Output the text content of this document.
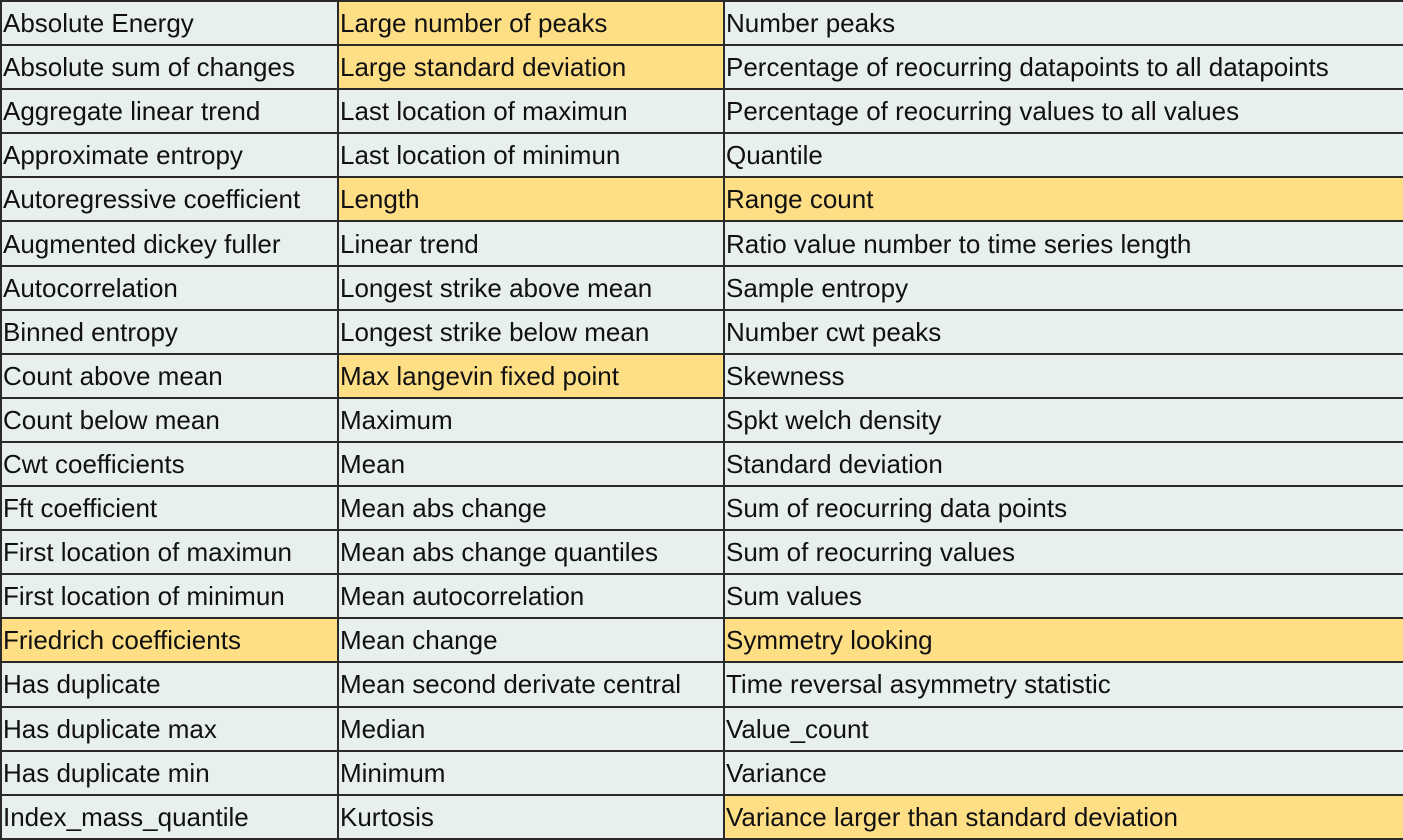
Absolute Energy	Large number of peaks	Number peaks
Absolute sum of changes	Large standard deviation	Percentage of reocurring datapoints to all datapoints
Aggregate linear trend	Last location of maximun	Percentage of reocurring values to all values
Approximate entropy	Last location of minimun	Quantile
Autoregressive coefficient	Length	Range count
Augmented dickey fuller	Linear trend	Ratio value number to time series length
Autocorrelation	Longest strike above mean	Sample entropy
Binned entropy	Longest strike below mean	Number cwt peaks
Count above mean	Max langevin fixed point	Skewness
Count below mean	Maximum	Spkt welch density
Cwt coefficients	Mean	Standard deviation
Fft coefficient	Mean abs change	Sum of reocurring data points
First location of maximun	Mean abs change quantiles	Sum of reocurring values
First location of minimun	Mean autocorrelation	Sum values
Friedrich coefficients	Mean change	Symmetry looking
Has duplicate	Mean second derivate central	Time reversal asymmetry statistic
Has duplicate max	Median	Value_count
Has duplicate min	Minimum	Variance
Index_mass_quantile	Kurtosis	Variance larger than standard deviation
